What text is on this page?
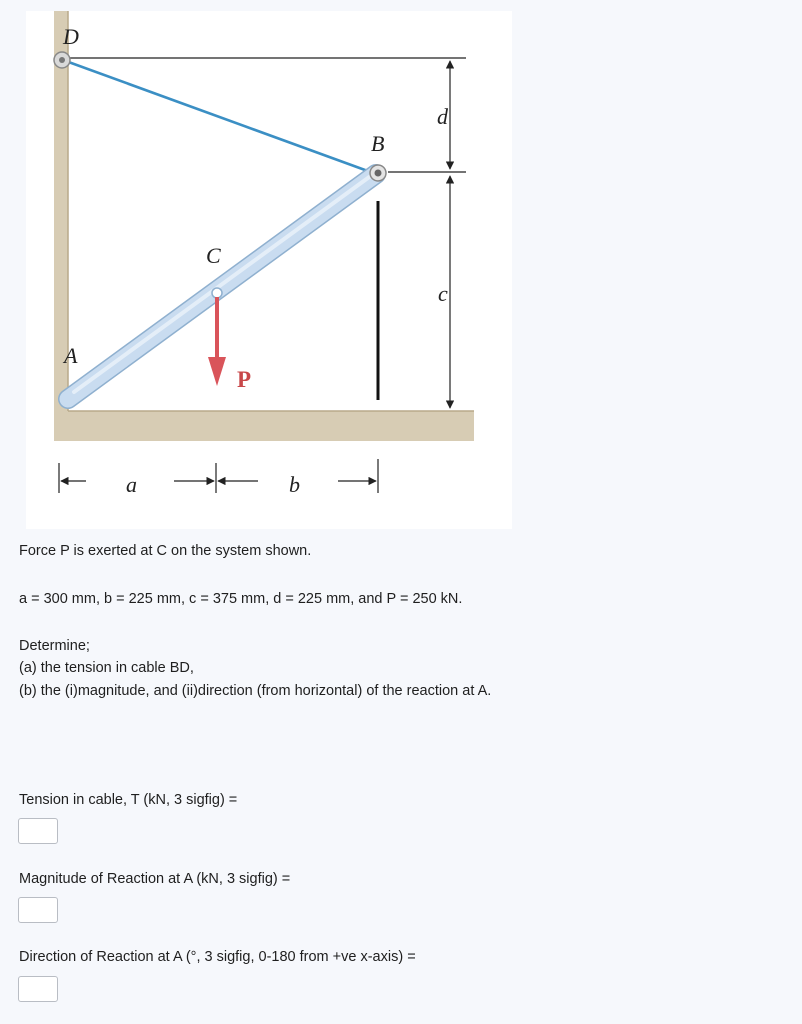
D
B
C
A
P
d
c
a	b
Force P is exerted at C on the system shown.
a = 300 mm, b = 225 mm, c = 375 mm, d = 225 mm, and P = 250 kN.
Determine;
(a) the tension in cable BD,
(b) the (i)magnitude, and (ii)direction (from horizontal) of the reaction at A.
Tension in cable, T (kN, 3 sigfig) =
Magnitude of Reaction at A (kN, 3 sigfig) =
Direction of Reaction at A (°, 3 sigfig, 0-180 from +ve x-axis) =
